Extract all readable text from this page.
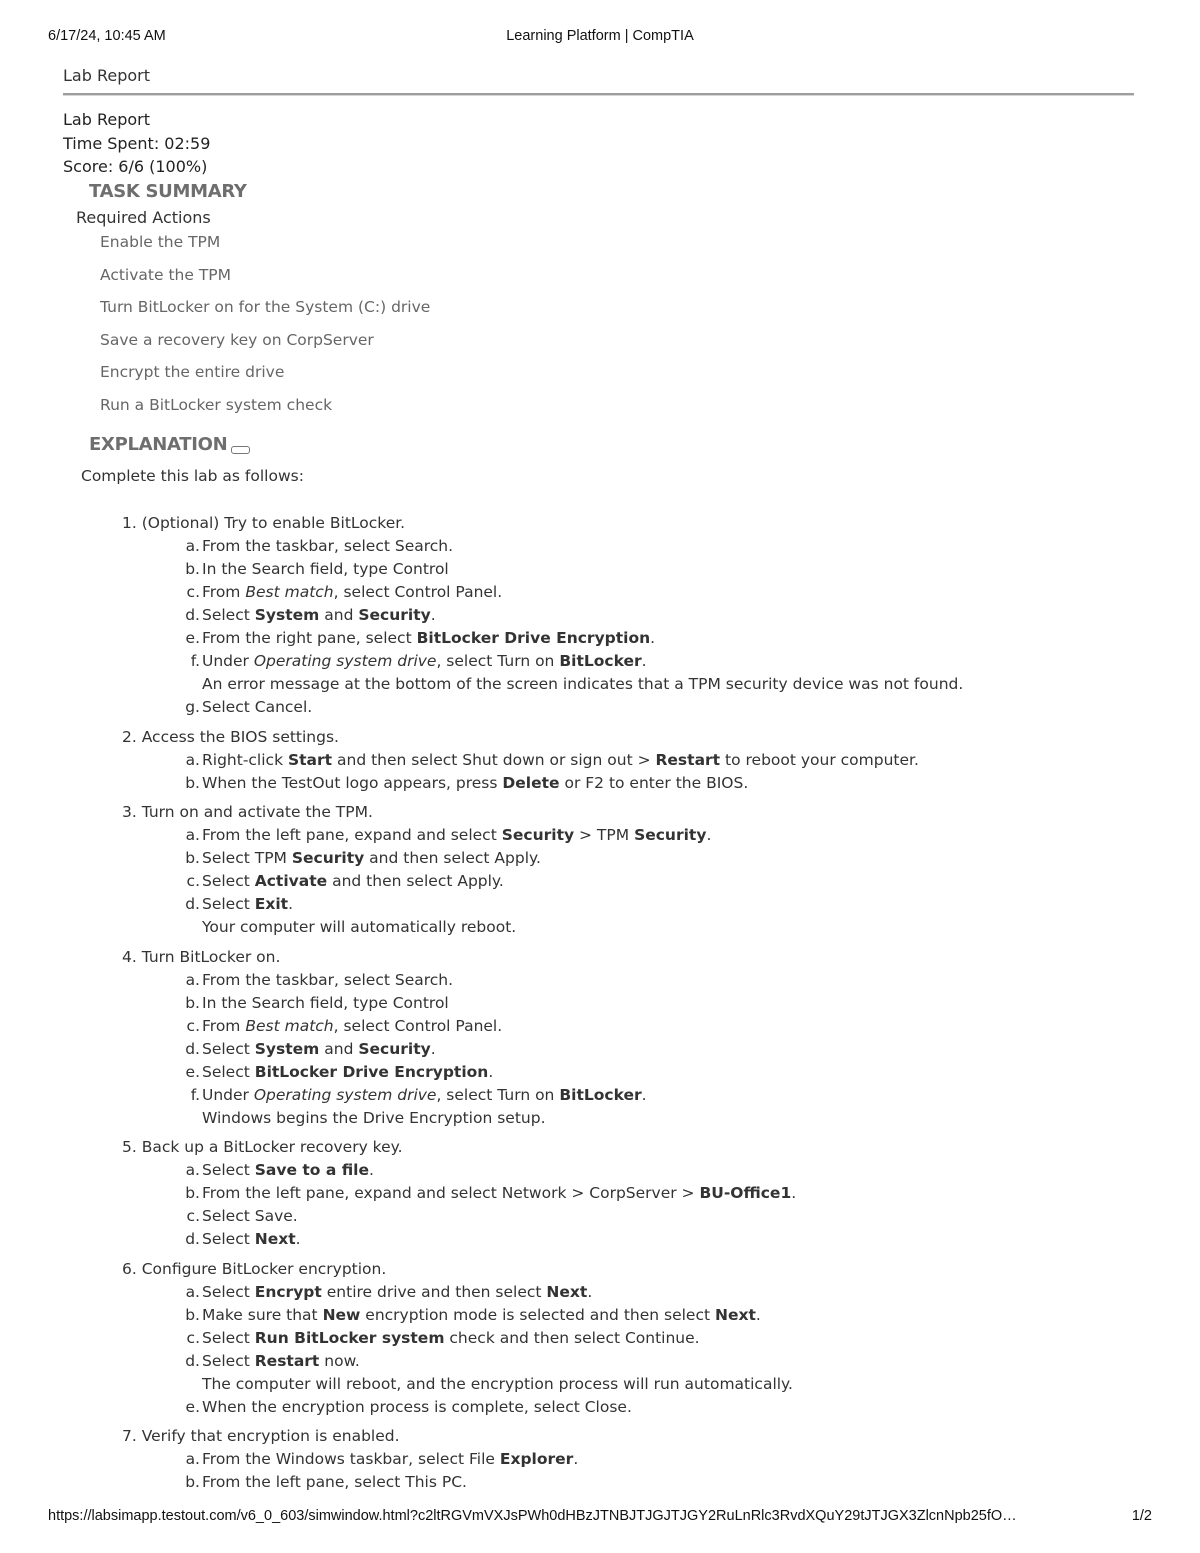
6/17/24, 10:45 AM	Learning Platform | CompTIA
Lab Report
Lab Report
Time Spent: 02:59
Score: 6/6 (100%)
TASK SUMMARY
Required Actions
Enable the TPM
Activate the TPM
Turn BitLocker on for the System (C:) drive
Save a recovery key on CorpServer
Encrypt the entire drive
Run a BitLocker system check
EXPLANATION
Complete this lab as follows:
1. (Optional) Try to enable BitLocker.
a. From the taskbar, select Search.
b. In the Search field, type Control
c. From Best match, select Control Panel.
d. Select System and Security.
e. From the right pane, select BitLocker Drive Encryption.
f. Under Operating system drive, select Turn on BitLocker.
An error message at the bottom of the screen indicates that a TPM security device was not found.
g. Select Cancel.
2. Access the BIOS settings.
a. Right-click Start and then select Shut down or sign out > Restart to reboot your computer.
b. When the TestOut logo appears, press Delete or F2 to enter the BIOS.
3. Turn on and activate the TPM.
a. From the left pane, expand and select Security > TPM Security.
b. Select TPM Security and then select Apply.
c. Select Activate and then select Apply.
d. Select Exit.
Your computer will automatically reboot.
4. Turn BitLocker on.
a. From the taskbar, select Search.
b. In the Search field, type Control
c. From Best match, select Control Panel.
d. Select System and Security.
e. Select BitLocker Drive Encryption.
f. Under Operating system drive, select Turn on BitLocker.
Windows begins the Drive Encryption setup.
5. Back up a BitLocker recovery key.
a. Select Save to a file.
b. From the left pane, expand and select Network > CorpServer > BU-Office1.
c. Select Save.
d. Select Next.
6. Configure BitLocker encryption.
a. Select Encrypt entire drive and then select Next.
b. Make sure that New encryption mode is selected and then select Next.
c. Select Run BitLocker system check and then select Continue.
d. Select Restart now.
The computer will reboot, and the encryption process will run automatically.
e. When the encryption process is complete, select Close.
7. Verify that encryption is enabled.
a. From the Windows taskbar, select File Explorer.
b. From the left pane, select This PC.
https://labsimapp.testout.com/v6_0_603/simwindow.html?c2ltRGVmVXJsPWh0dHBzJTNBJTJGJTJGY2RuLnRlc3RvdXQuY29tJTJGX3ZlcnNpb25fO…	1/2
